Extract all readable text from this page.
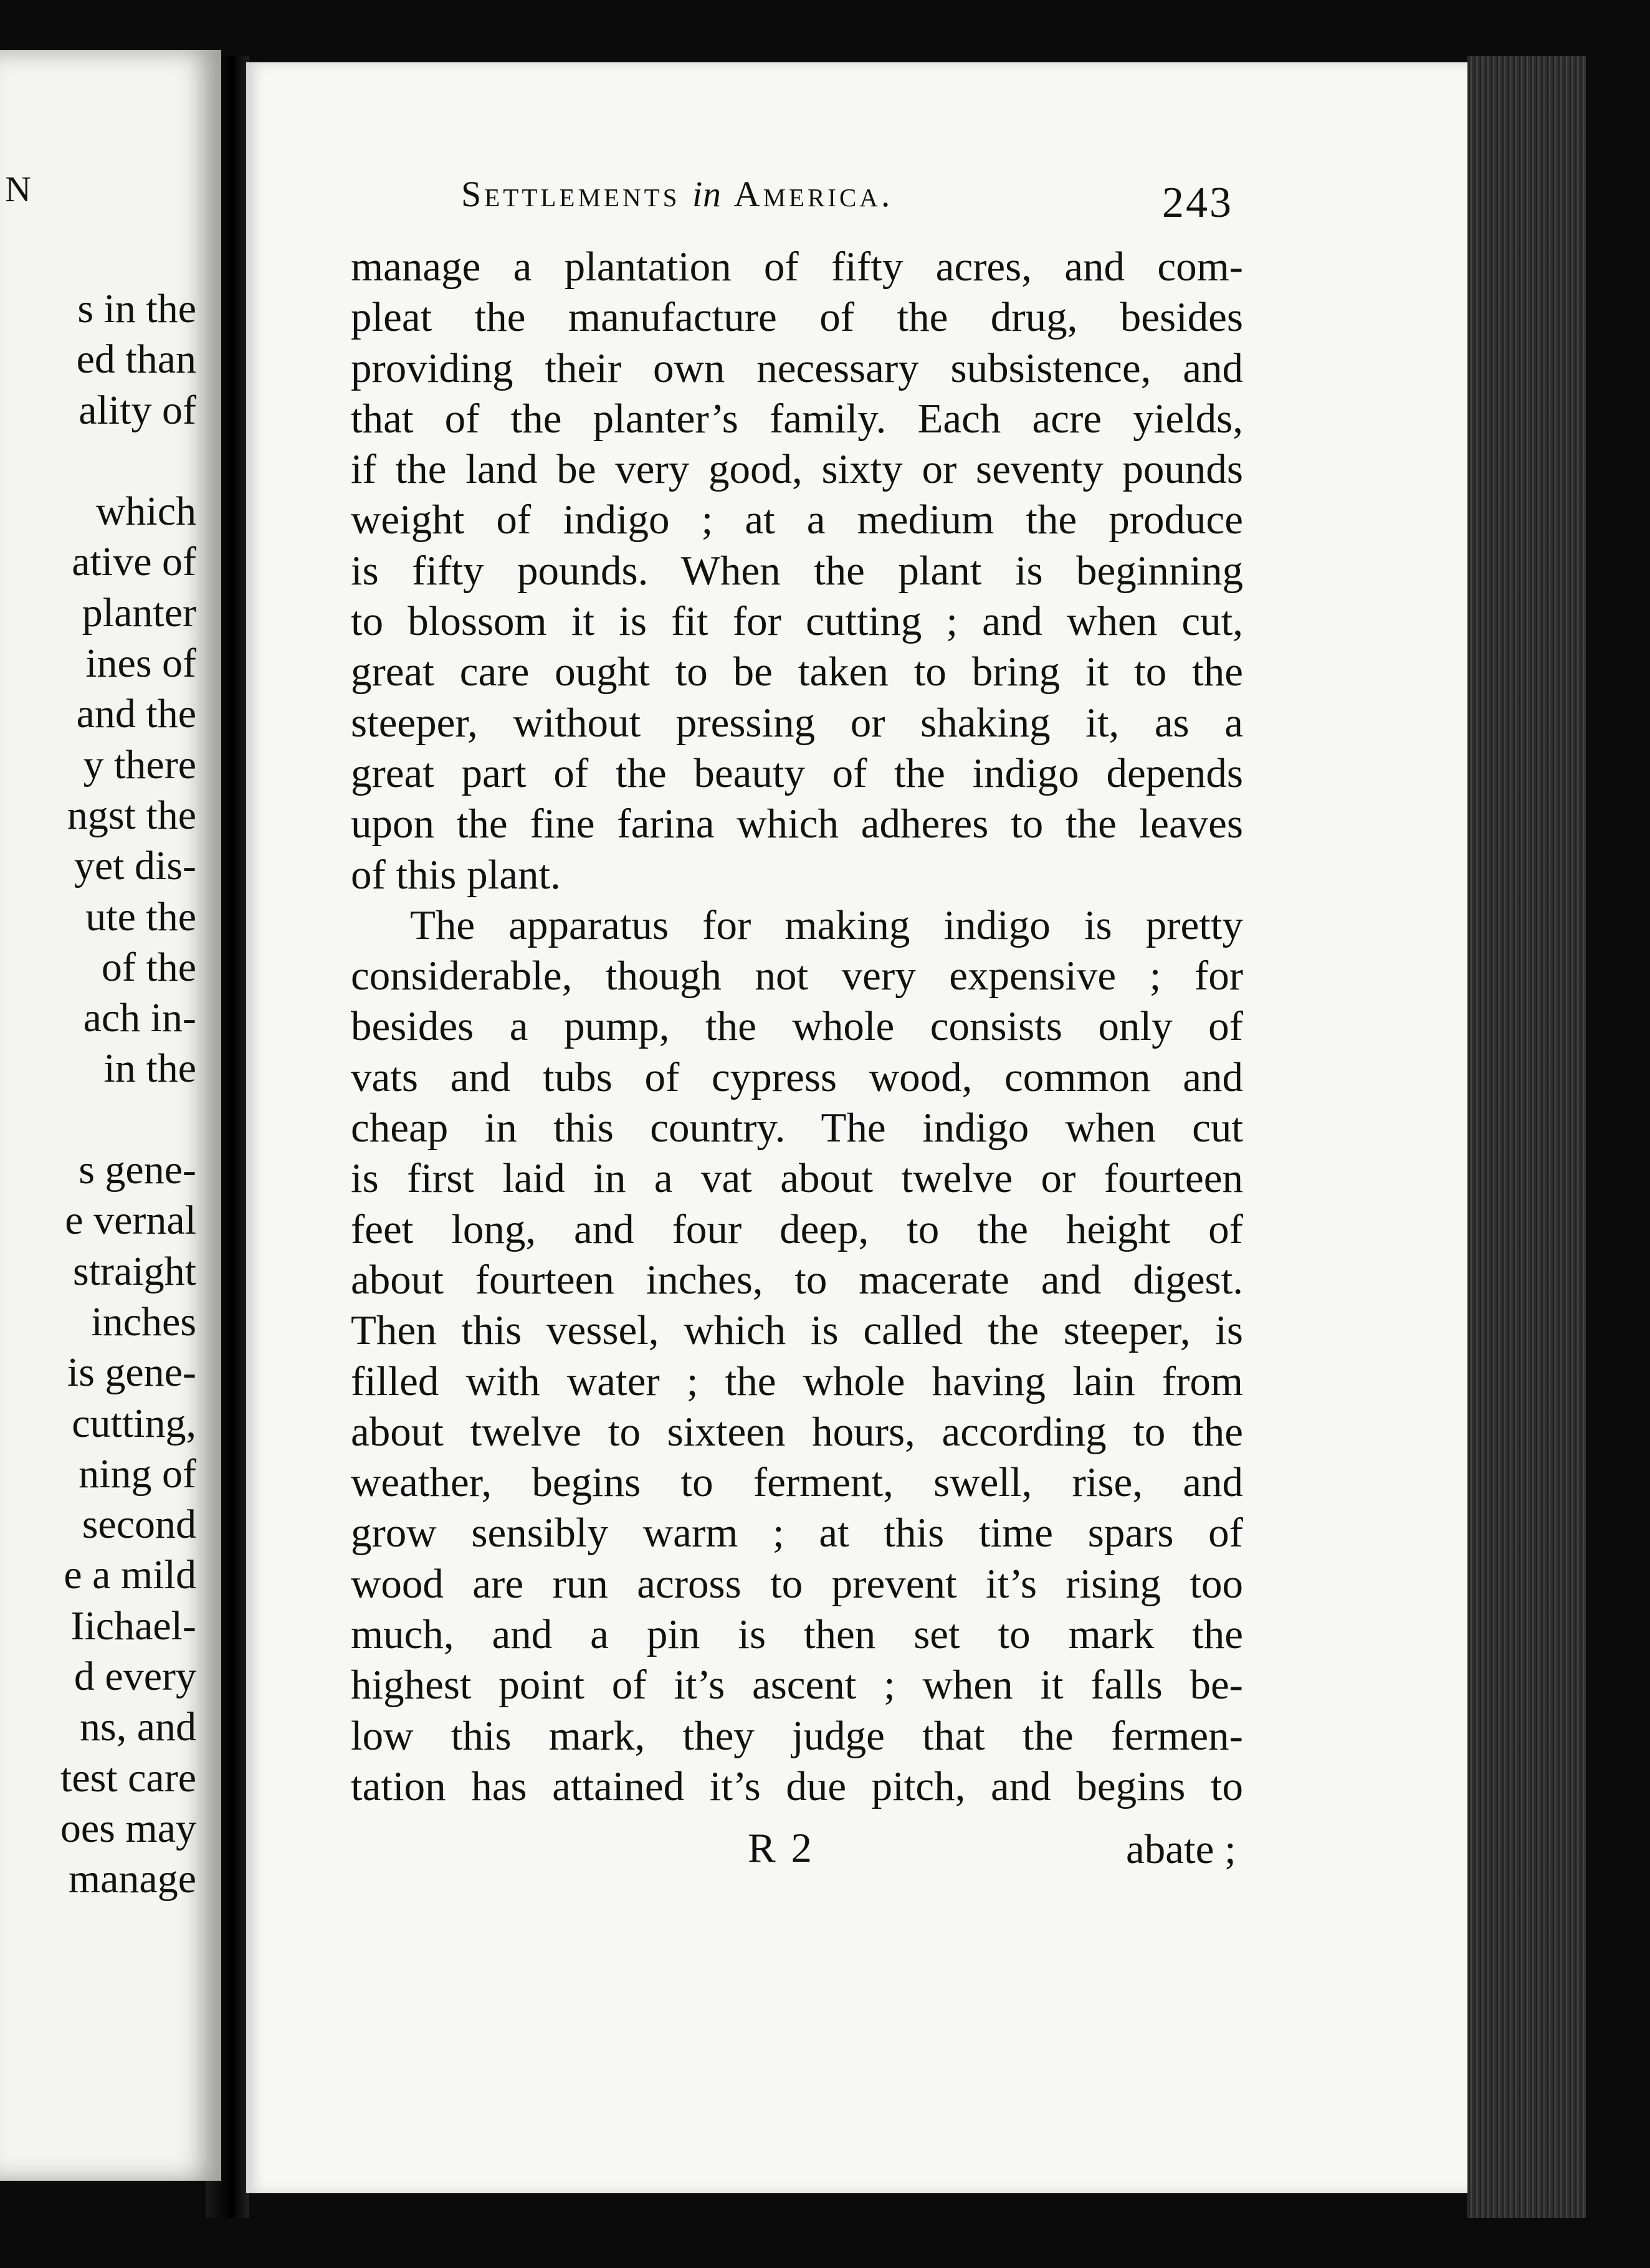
N
s in the
ed than
ality of

which
ative of
planter
ines of
and the
y there
ngst the
yet dis-
ute the
of the
ach in-
in the

s gene-
e vernal
straight
inches
is gene-
cutting,
ning of
second
e a mild
Iichael-
d every
ns, and
test care
oes may
manage
Settlements in America.	243
manage a plantation of fifty acres, and com-
pleat the manufacture of the drug, besides
providing their own necessary subsistence, and
that of the planter’s family. Each acre yields,
if the land be very good, sixty or seventy pounds
weight of indigo ; at a medium the produce
is fifty pounds. When the plant is beginning
to blossom it is fit for cutting ; and when cut,
great care ought to be taken to bring it to the
steeper, without pressing or shaking it, as a
great part of the beauty of the indigo depends
upon the fine farina which adheres to the leaves
of this plant.
The apparatus for making indigo is pretty
considerable, though not very expensive ; for
besides a pump, the whole consists only of
vats and tubs of cypress wood, common and
cheap in this country. The indigo when cut
is first laid in a vat about twelve or fourteen
feet long, and four deep, to the height of
about fourteen inches, to macerate and digest.
Then this vessel, which is called the steeper, is
filled with water ; the whole having lain from
about twelve to sixteen hours, according to the
weather, begins to ferment, swell, rise, and
grow sensibly warm ; at this time spars of
wood are run across to prevent it’s rising too
much, and a pin is then set to mark the
highest point of it’s ascent ; when it falls be-
low this mark, they judge that the fermen-
tation has attained it’s due pitch, and begins to
R 2	abate ;
